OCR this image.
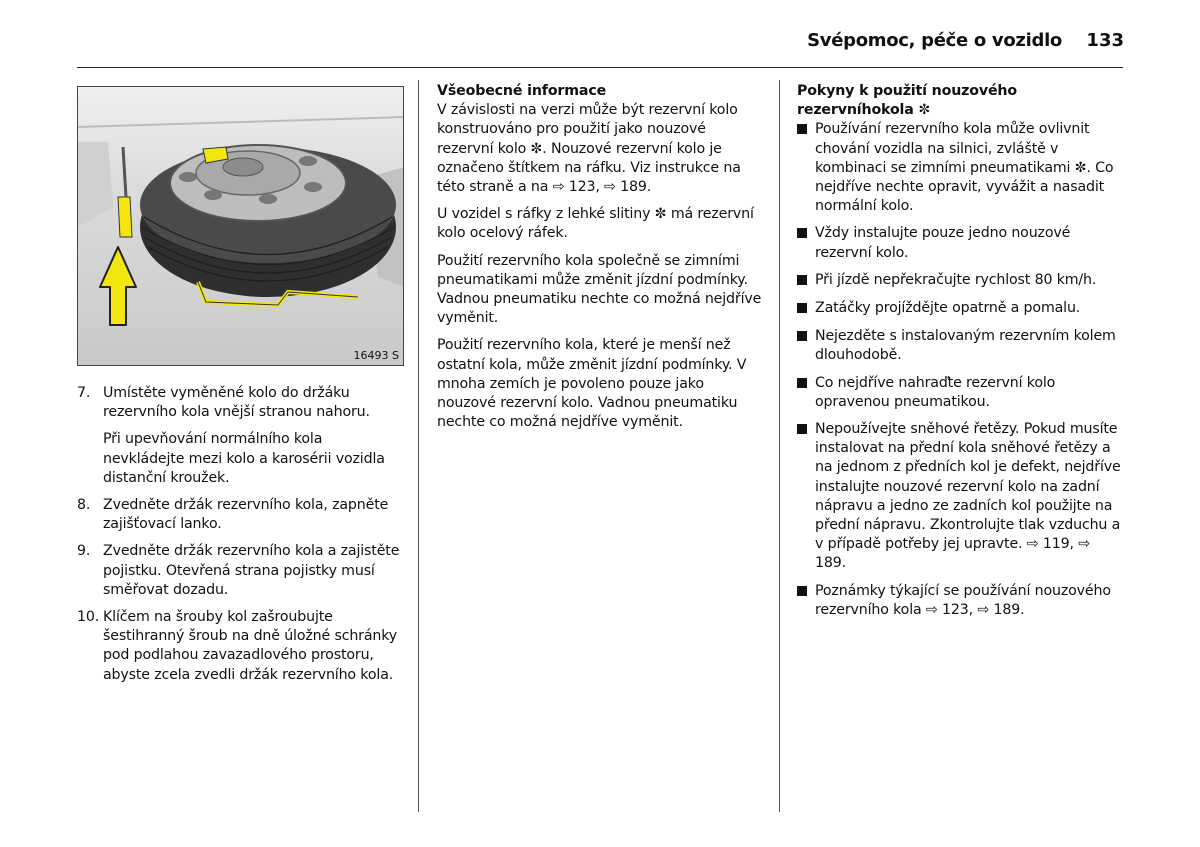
Svépomoc, péče o vozidlo 133
16493 S
7. Umístěte vyměněné kolo do držáku rezervního kola vnější stranou nahoru.
Při upevňování normálního kola nevkládejte mezi kolo a karosérii vozidla distanční kroužek.
8. Zvedněte držák rezervního kola, zapněte zajišťovací lanko.
9. Zvedněte držák rezervního kola a zajistěte pojistku. Otevřená strana pojistky musí směřovat dozadu.
10. Klíčem na šrouby kol zašroubujte šestihranný šroub na dně úložné schránky pod podlahou zavazadlového prostoru, abyste zcela zvedli držák rezervního kola.
Všeobecné informace

V závislosti na verzi může být rezervní kolo konstruováno pro použití jako nouzové rezervní kolo ✼. Nouzové rezervní kolo je označeno štítkem na ráfku. Viz instrukce na této straně a na ⇨ 123, ⇨ 189.

U vozidel s ráfky z lehké slitiny ✼ má rezervní kolo ocelový ráfek.

Použití rezervního kola společně se zimními pneumatikami může změnit jízdní podmínky. Vadnou pneumatiku nechte co možná nejdříve vyměnit.

Použití rezervního kola, které je menší než ostatní kola, může změnit jízdní podmínky. V mnoha zemích je povoleno pouze jako nouzové rezervní kolo. Vadnou pneumatiku nechte co možná nejdříve vyměnit.

Pokyny k použití nouzového
rezervníhokola ✼
Používání rezervního kola může ovlivnit chování vozidla na silnici, zvláště v kombinaci se zimními pneumatikami ✼. Co nejdříve nechte opravit, vyvážit a nasadit normální kolo.
Vždy instalujte pouze jedno nouzové rezervní kolo.
Při jízdě nepřekračujte rychlost 80 km/h.
Zatáčky projíždějte opatrně a pomalu.
Nejezděte s instalovaným rezervním kolem dlouhodobě.
Co nejdříve nahraďte rezervní kolo opravenou pneumatikou.
Nepoužívejte sněhové řetězy. Pokud musíte instalovat na přední kola sněhové řetězy a na jednom z předních kol je defekt, nejdříve instalujte nouzové rezervní kolo na zadní nápravu a jedno ze zadních kol použijte na přední nápravu. Zkontrolujte tlak vzduchu a v případě potřeby jej upravte. ⇨ 119, ⇨ 189.
Poznámky týkající se používání nouzového rezervního kola ⇨ 123, ⇨ 189.
